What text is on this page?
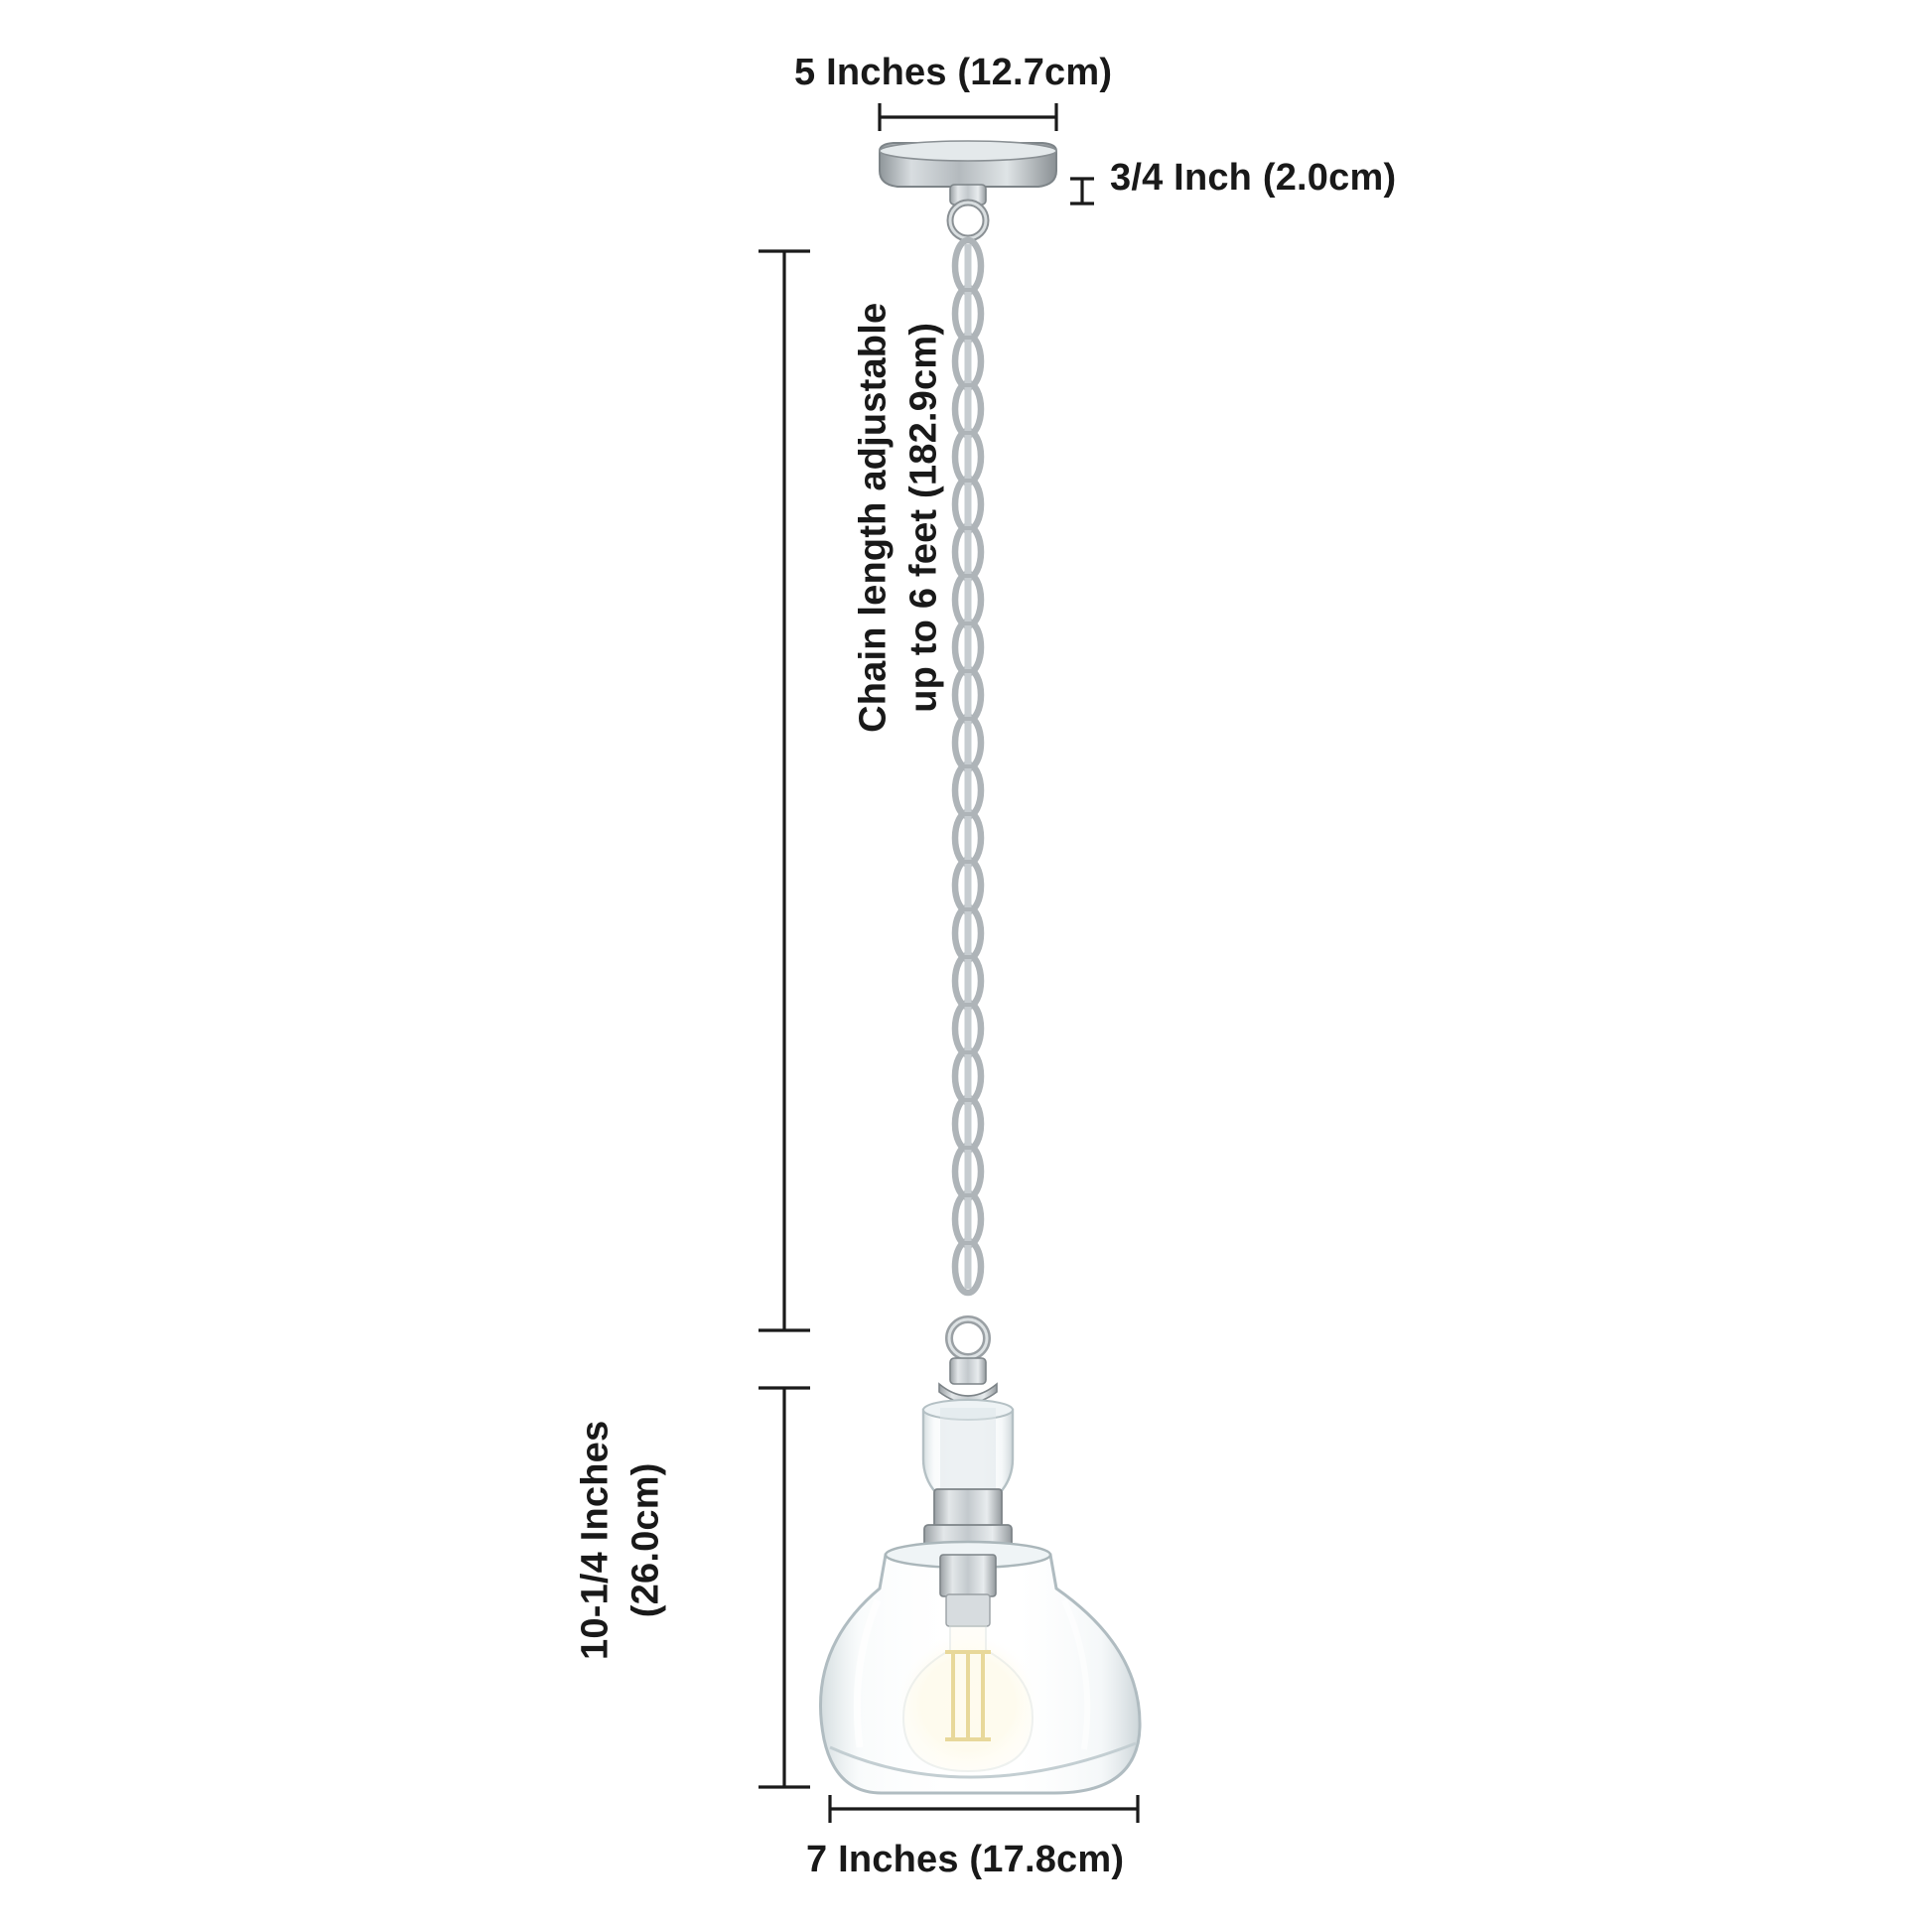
5 Inches (12.7cm)
3/4 Inch (2.0cm)
Chain length adjustable up to 6 feet (182.9cm)
10-1/4 Inches (26.0cm)
7 Inches (17.8cm)
